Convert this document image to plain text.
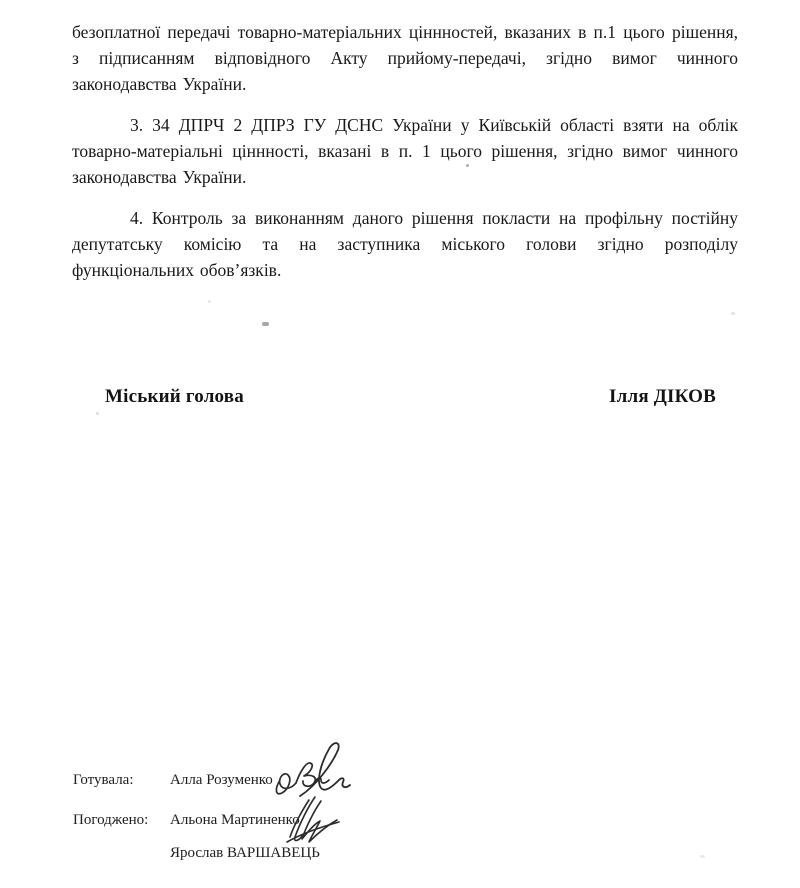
безоплатної передачі товарно-матеріальних ціннностей, вказаних в п.1 цього рішення, з підписанням відповідного Акту прийому-передачі, згідно вимог чинного законодавства України.

3. 34 ДПРЧ 2 ДПРЗ ГУ ДСНС України у Київській області взяти на облік товарно-матеріальні ціннності, вказані в п. 1 цього рішення, згідно вимог чинного законодавства України.

4. Контроль за виконанням даного рішення покласти на профільну постійну депутатську комісію та на заступника міського голови згідно розподілу функціональних обов’язків.

Міський голова	Ілля ДІКОВ
Готувала:	Алла Розуменко
Погоджено:	Альона Мартиненко
Ярослав ВАРШАВЕЦЬ
